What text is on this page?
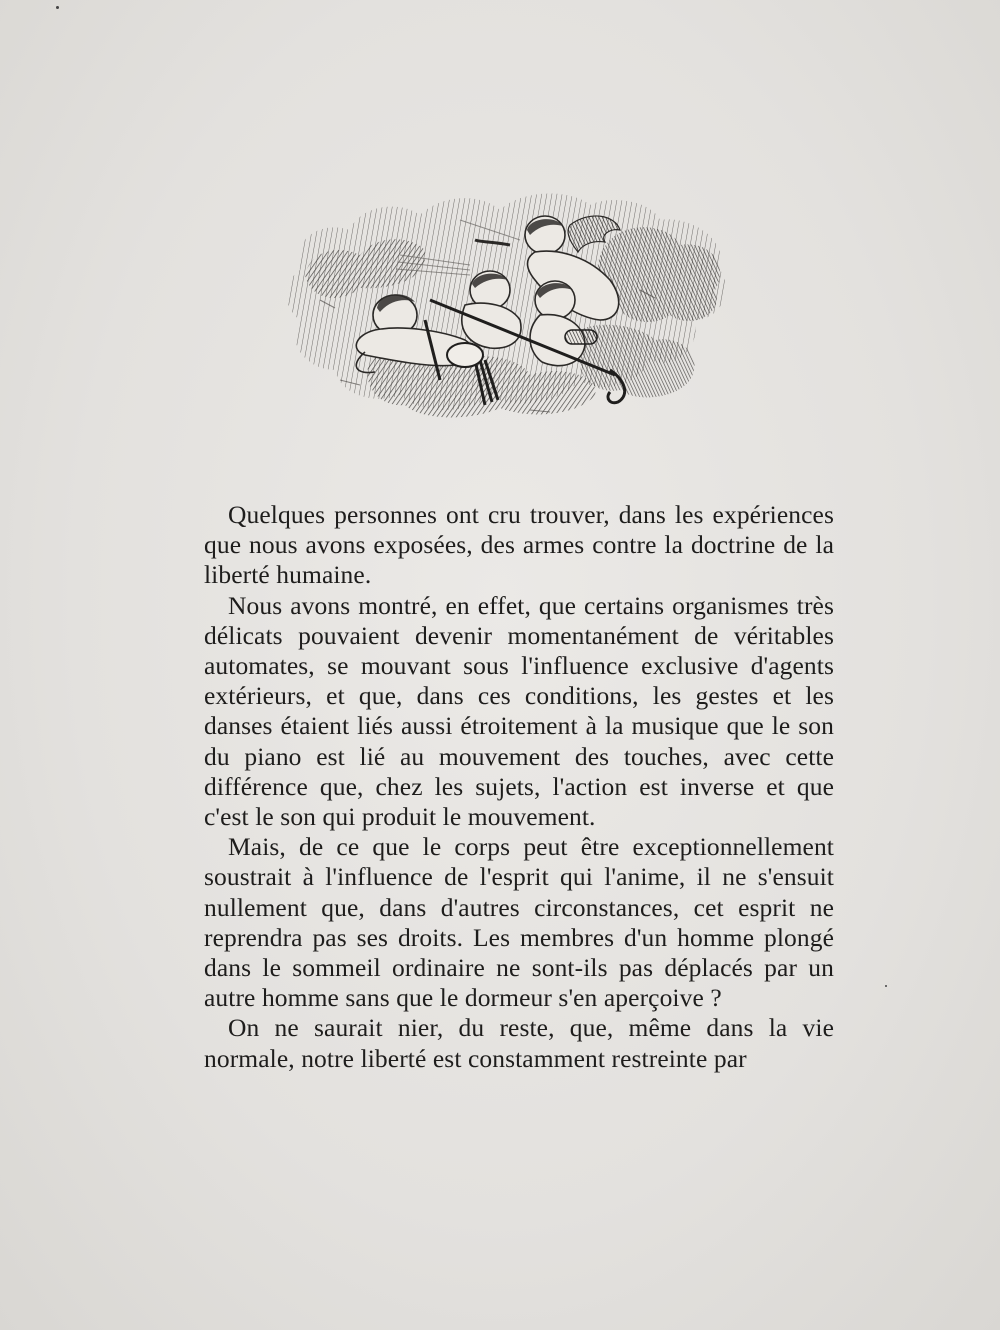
Quelques personnes ont cru trouver, dans les expériences que nous avons exposées, des armes contre la doctrine de la liberté humaine.

Nous avons montré, en effet, que certains organismes très délicats pouvaient devenir momentanément de véritables automates, se mouvant sous l'influence exclusive d'agents extérieurs, et que, dans ces conditions, les gestes et les danses étaient liés aussi étroitement à la musique que le son du piano est lié au mouvement des touches, avec cette différence que, chez les sujets, l'action est inverse et que c'est le son qui produit le mouvement.

Mais, de ce que le corps peut être exceptionnellement soustrait à l'influence de l'esprit qui l'anime, il ne s'ensuit nullement que, dans d'autres circonstances, cet esprit ne reprendra pas ses droits. Les membres d'un homme plongé dans le sommeil ordinaire ne sont-ils pas déplacés par un autre homme sans que le dormeur s'en aperçoive ?

On ne saurait nier, du reste, que, même dans la vie normale, notre liberté est constamment restreinte par
